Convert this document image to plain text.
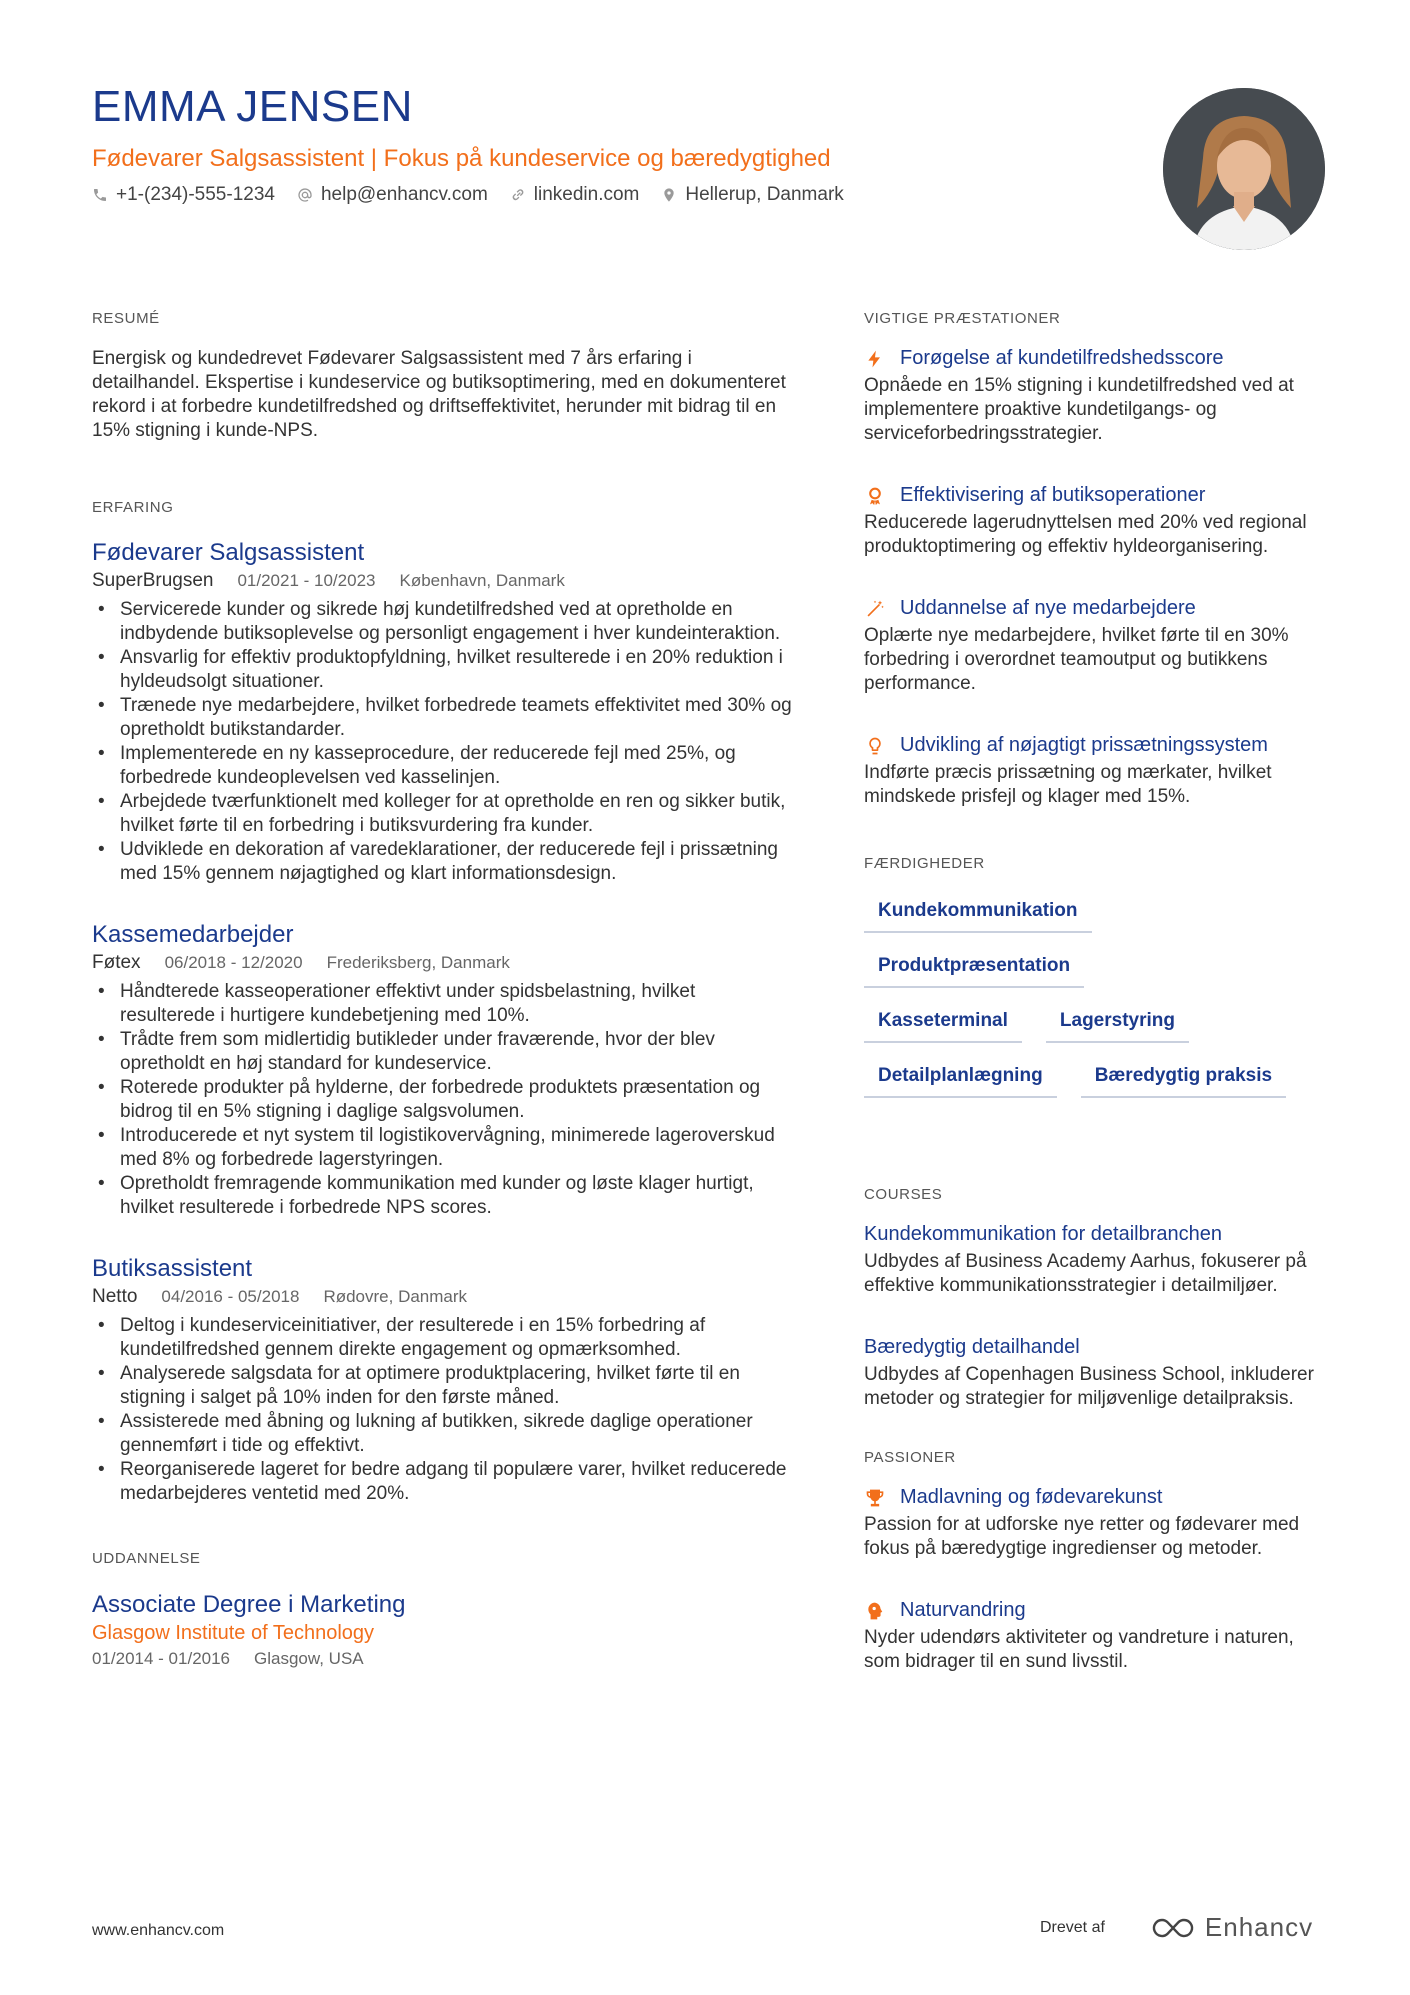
EMMA JENSEN
Fødevarer Salgsassistent | Fokus på kundeservice og bæredygtighed
+1-(234)-555-1234 help@enhancv.com linkedin.com Hellerup, Danmark
RESUMÉ

Energisk og kundedrevet Fødevarer Salgsassistent med 7 års erfaring i detailhandel. Ekspertise i kundeservice og butiksoptimering, med en dokumenteret rekord i at forbedre kundetilfredshed og driftseffektivitet, herunder mit bidrag til en 15% stigning i kunde-NPS.

ERFARING
Fødevarer Salgsassistent
SuperBrugsen 01/2021 - 10/2023 København, Danmark
• Servicerede kunder og sikrede høj kundetilfredshed ved at opretholde en indbydende butiksoplevelse og personligt engagement i hver kundeinteraktion.
• Ansvarlig for effektiv produktopfyldning, hvilket resulterede i en 20% reduktion i hyldeudsolgt situationer.
• Trænede nye medarbejdere, hvilket forbedrede teamets effektivitet med 30% og opretholdt butikstandarder.
• Implementerede en ny kasseprocedure, der reducerede fejl med 25%, og forbedrede kundeoplevelsen ved kasselinjen.
• Arbejdede tværfunktionelt med kolleger for at opretholde en ren og sikker butik, hvilket førte til en forbedring i butiksvurdering fra kunder.
• Udviklede en dekoration af varedeklarationer, der reducerede fejl i prissætning med 15% gennem nøjagtighed og klart informationsdesign.
Kassemedarbejder
Føtex 06/2018 - 12/2020 Frederiksberg, Danmark
• Håndterede kasseoperationer effektivt under spidsbelastning, hvilket resulterede i hurtigere kundebetjening med 10%.
• Trådte frem som midlertidig butikleder under fraværende, hvor der blev opretholdt en høj standard for kundeservice.
• Roterede produkter på hylderne, der forbedrede produktets præsentation og bidrog til en 5% stigning i daglige salgsvolumen.
• Introducerede et nyt system til logistikovervågning, minimerede lageroverskud med 8% og forbedrede lagerstyringen.
• Opretholdt fremragende kommunikation med kunder og løste klager hurtigt, hvilket resulterede i forbedrede NPS scores.
Butiksassistent
Netto 04/2016 - 05/2018 Rødovre, Danmark
• Deltog i kundeserviceinitiativer, der resulterede i en 15% forbedring af kundetilfredshed gennem direkte engagement og opmærksomhed.
• Analyserede salgsdata for at optimere produktplacering, hvilket førte til en stigning i salget på 10% inden for den første måned.
• Assisterede med åbning og lukning af butikken, sikrede daglige operationer gennemført i tide og effektivt.
• Reorganiserede lageret for bedre adgang til populære varer, hvilket reducerede medarbejderes ventetid med 20%.
UDDANNELSE
Associate Degree i Marketing
Glasgow Institute of Technology
01/2014 - 01/2016 Glasgow, USA
VIGTIGE PRÆSTATIONER
Forøgelse af kundetilfredshedsscore

Opnåede en 15% stigning i kundetilfredshed ved at implementere proaktive kundetilgangs- og serviceforbedringsstrategier.

Effektivisering af butiksoperationer

Reducerede lagerudnyttelsen med 20% ved regional produktoptimering og effektiv hyldeorganisering.

Uddannelse af nye medarbejdere

Oplærte nye medarbejdere, hvilket førte til en 30% forbedring i overordnet teamoutput og butikkens performance.

Udvikling af nøjagtigt prissætningssystem

Indførte præcis prissætning og mærkater, hvilket mindskede prisfejl og klager med 15%.

FÆRDIGHEDER
Kundekommunikation
Produktpræsentation
Kasseterminal	Lagerstyring
Detailplanlægning	Bæredygtig praksis
COURSES
Kundekommunikation for detailbranchen

Udbydes af Business Academy Aarhus, fokuserer på effektive kommunikationsstrategier i detailmiljøer.

Bæredygtig detailhandel

Udbydes af Copenhagen Business School, inkluderer metoder og strategier for miljøvenlige detailpraksis.

PASSIONER
Madlavning og fødevarekunst

Passion for at udforske nye retter og fødevarer med fokus på bæredygtige ingredienser og metoder.

Naturvandring

Nyder udendørs aktiviteter og vandreture i naturen, som bidrager til en sund livsstil.

www.enhancv.com	Drevet af	Enhancv
